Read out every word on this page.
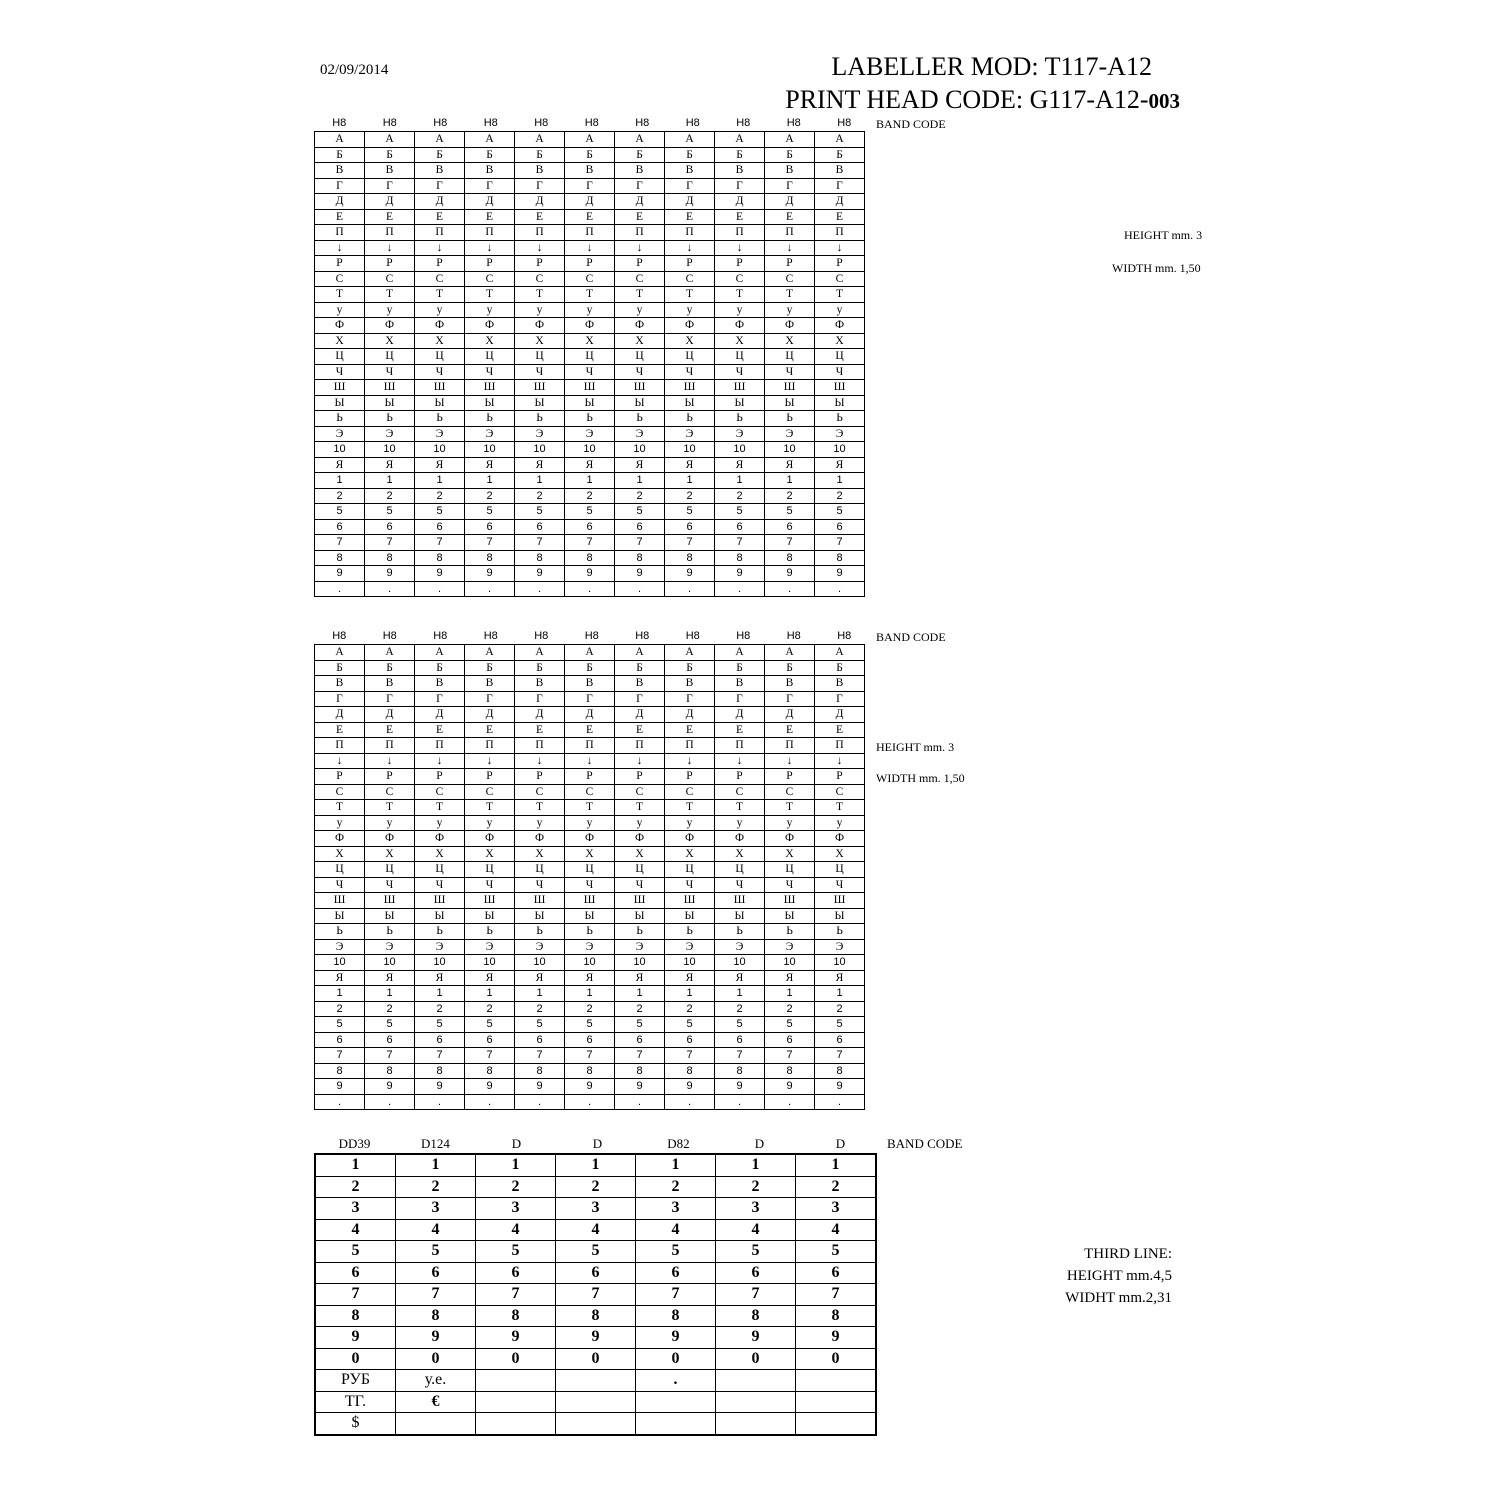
02/09/2014	LABELLER MOD: T117-A12
PRINT HEAD CODE: G117-A12-003
H8	H8	H8	H8	H8	H8	H8	H8	H8	H8	H8	BAND CODE
А	А	А	А	А	А	А	А	А	А	А
Б	Б	Б	Б	Б	Б	Б	Б	Б	Б	Б
В	В	В	В	В	В	В	В	В	В	В
Г	Г	Г	Г	Г	Г	Г	Г	Г	Г	Г
Д	Д	Д	Д	Д	Д	Д	Д	Д	Д	Д
Е	Е	Е	Е	Е	Е	Е	Е	Е	Е	Е
П	П	П	П	П	П	П	П	П	П	П
↓	↓	↓	↓	↓	↓	↓	↓	↓	↓	↓
Р	Р	Р	Р	Р	Р	Р	Р	Р	Р	Р
С	С	С	С	С	С	С	С	С	С	С
Т	Т	Т	Т	Т	Т	Т	Т	Т	Т	Т
у	у	у	у	у	у	у	у	у	у	у
Ф	Ф	Ф	Ф	Ф	Ф	Ф	Ф	Ф	Ф	Ф
Х	Х	Х	Х	Х	Х	Х	Х	Х	Х	Х
Ц	Ц	Ц	Ц	Ц	Ц	Ц	Ц	Ц	Ц	Ц
Ч	Ч	Ч	Ч	Ч	Ч	Ч	Ч	Ч	Ч	Ч
Ш	Ш	Ш	Ш	Ш	Ш	Ш	Ш	Ш	Ш	Ш
Ы	Ы	Ы	Ы	Ы	Ы	Ы	Ы	Ы	Ы	Ы
Ь	Ь	Ь	Ь	Ь	Ь	Ь	Ь	Ь	Ь	Ь
Э	Э	Э	Э	Э	Э	Э	Э	Э	Э	Э
10	10	10	10	10	10	10	10	10	10	10
Я	Я	Я	Я	Я	Я	Я	Я	Я	Я	Я
1	1	1	1	1	1	1	1	1	1	1
2	2	2	2	2	2	2	2	2	2	2
5	5	5	5	5	5	5	5	5	5	5
6	6	6	6	6	6	6	6	6	6	6
7	7	7	7	7	7	7	7	7	7	7
8	8	8	8	8	8	8	8	8	8	8
9	9	9	9	9	9	9	9	9	9	9
.	.	.	.	.	.	.	.	.	.	.
HEIGHT mm. 3
WIDTH mm. 1,50
H8	H8	H8	H8	H8	H8	H8	H8	H8	H8	H8	BAND CODE
А	А	А	А	А	А	А	А	А	А	А
Б	Б	Б	Б	Б	Б	Б	Б	Б	Б	Б
В	В	В	В	В	В	В	В	В	В	В
Г	Г	Г	Г	Г	Г	Г	Г	Г	Г	Г
Д	Д	Д	Д	Д	Д	Д	Д	Д	Д	Д
Е	Е	Е	Е	Е	Е	Е	Е	Е	Е	Е
П	П	П	П	П	П	П	П	П	П	П
↓	↓	↓	↓	↓	↓	↓	↓	↓	↓	↓
Р	Р	Р	Р	Р	Р	Р	Р	Р	Р	Р
С	С	С	С	С	С	С	С	С	С	С
Т	Т	Т	Т	Т	Т	Т	Т	Т	Т	Т
у	у	у	у	у	у	у	у	у	у	у
Ф	Ф	Ф	Ф	Ф	Ф	Ф	Ф	Ф	Ф	Ф
Х	Х	Х	Х	Х	Х	Х	Х	Х	Х	Х
Ц	Ц	Ц	Ц	Ц	Ц	Ц	Ц	Ц	Ц	Ц
Ч	Ч	Ч	Ч	Ч	Ч	Ч	Ч	Ч	Ч	Ч
Ш	Ш	Ш	Ш	Ш	Ш	Ш	Ш	Ш	Ш	Ш
Ы	Ы	Ы	Ы	Ы	Ы	Ы	Ы	Ы	Ы	Ы
Ь	Ь	Ь	Ь	Ь	Ь	Ь	Ь	Ь	Ь	Ь
Э	Э	Э	Э	Э	Э	Э	Э	Э	Э	Э
10	10	10	10	10	10	10	10	10	10	10
Я	Я	Я	Я	Я	Я	Я	Я	Я	Я	Я
1	1	1	1	1	1	1	1	1	1	1
2	2	2	2	2	2	2	2	2	2	2
5	5	5	5	5	5	5	5	5	5	5
6	6	6	6	6	6	6	6	6	6	6
7	7	7	7	7	7	7	7	7	7	7
8	8	8	8	8	8	8	8	8	8	8
9	9	9	9	9	9	9	9	9	9	9
.	.	.	.	.	.	.	.	.	.	.
HEIGHT mm. 3
WIDTH mm. 1,50
DD39	D124	D	D	D82	D	D	BAND CODE
1	1	1	1	1	1	1
2	2	2	2	2	2	2
3	3	3	3	3	3	3
4	4	4	4	4	4	4
5	5	5	5	5	5	5
6	6	6	6	6	6	6
7	7	7	7	7	7	7
8	8	8	8	8	8	8
9	9	9	9	9	9	9
0	0	0	0	0	0	0
РУБ	у.е.			.		
ТГ.	€					
$						
THIRD LINE:
HEIGHT mm.4,5
WIDHT mm.2,31
